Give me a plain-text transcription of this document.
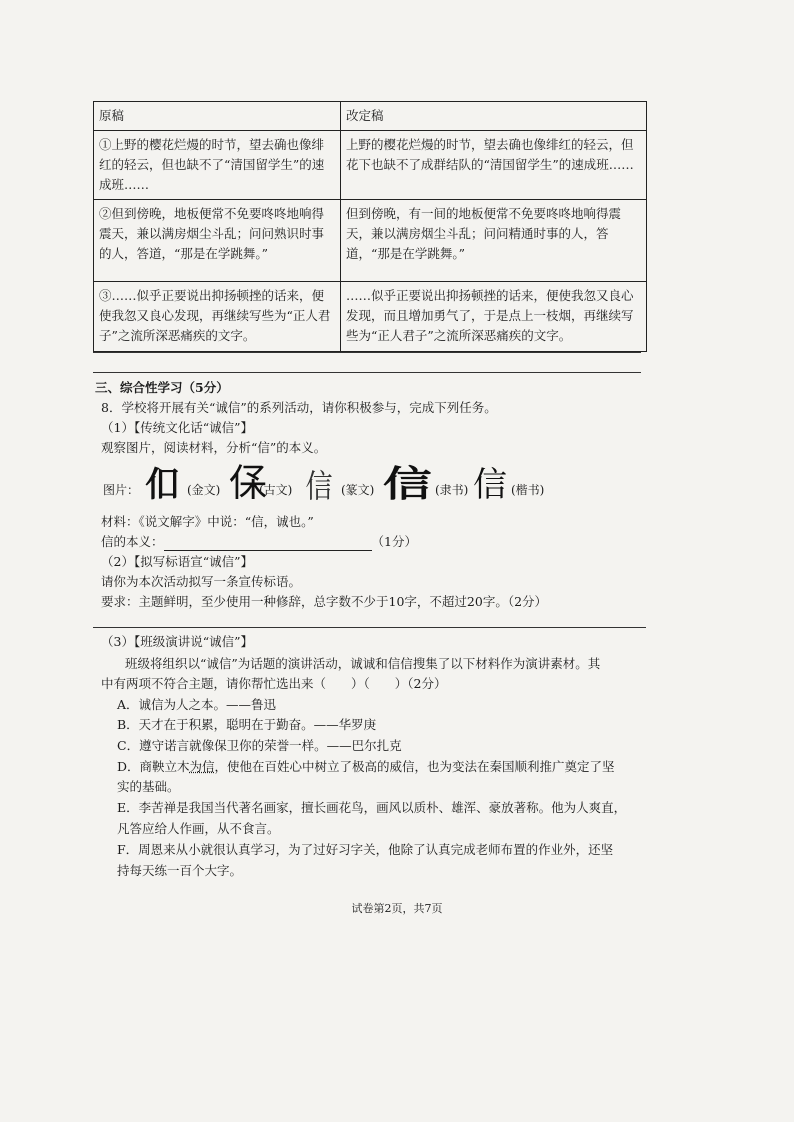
原稿	改定稿
①上野的樱花烂熳的时节，望去确也像绯红的轻云，但也缺不了“清国留学生”的速成班……	上野的樱花烂熳的时节，望去确也像绯红的轻云，但花下也缺不了成群结队的“清国留学生”的速成班……
②但到傍晚，地板便常不免要咚咚地响得震天，兼以满房烟尘斗乱；问问熟识时事的人，答道，“那是在学跳舞。”	但到傍晚，有一间的地板便常不免要咚咚地响得震天，兼以满房烟尘斗乱；问问精通时事的人，答道，“那是在学跳舞。”
③……似乎正要说出抑扬顿挫的话来，便使我忽又良心发现，再继续写些为“正人君子”之流所深恶痛疾的文字。	……似乎正要说出抑扬顿挫的话来，便使我忽又良心发现，而且增加勇气了，于是点上一枝烟，再继续写些为“正人君子”之流所深恶痛疾的文字。
三、综合性学习（5分）
8．学校将开展有关“诚信”的系列活动，请你积极参与，完成下列任务。
（1）【传统文化话“诚信”】
观察图片，阅读材料，分析“信”的本义。
图片： 㐰 (金文) 𠈃
(古文) 信 (篆文) 信 (隶书) 信 (楷书)
材料：《说文解字》中说：“信，诚也。”
信的本义：	（1分）
（2）【拟写标语宣“诚信”】
请你为本次活动拟写一条宣传标语。
要求：主题鲜明，至少使用一种修辞，总字数不少于10字，不超过20字。（2分）
（3）【班级演讲说“诚信”】
班级将组织以“诚信”为话题的演讲活动，诚诚和信信搜集了以下材料作为演讲素材。其
中有两项不符合主题，请你帮忙选出来（　　）（　　）（2分）
A．诚信为人之本。——鲁迅
B．天才在于积累，聪明在于勤奋。——华罗庚
C．遵守诺言就像保卫你的荣誉一样。——巴尔扎克
D．商鞅立木为信，使他在百姓心中树立了极高的威信，也为变法在秦国顺利推广奠定了坚
实的基础。
E．李苦禅是我国当代著名画家，擅长画花鸟，画风以质朴、雄浑、豪放著称。他为人爽直，
凡答应给人作画，从不食言。
F．周恩来从小就很认真学习，为了过好习字关，他除了认真完成老师布置的作业外，还坚
持每天练一百个大字。
试卷第2页，共7页
